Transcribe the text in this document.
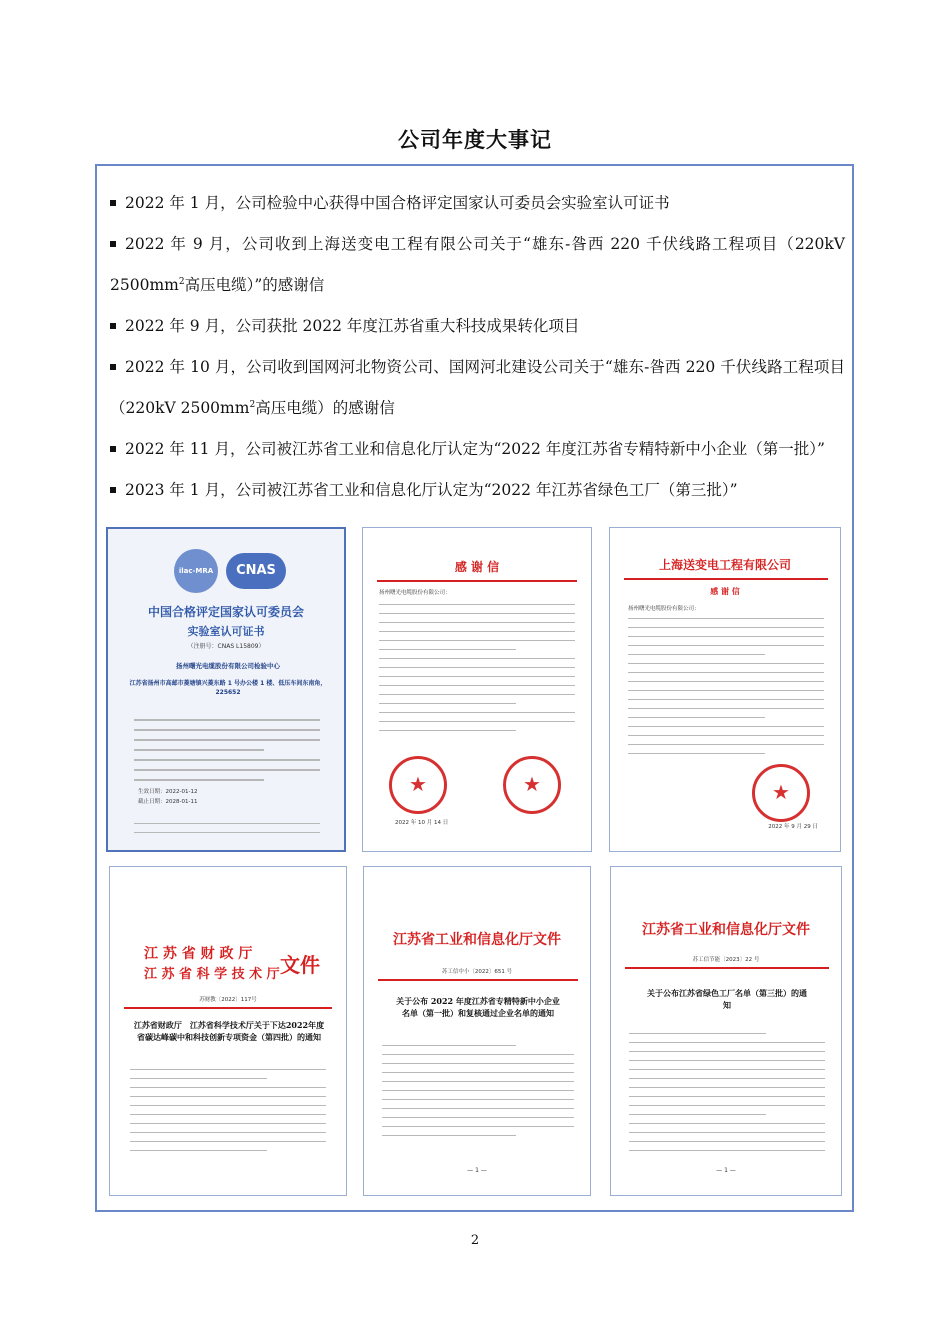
公司年度大事记
2022 年 1 月，公司检验中心获得中国合格评定国家认可委员会实验室认可证书
2022 年 9 月，公司收到上海送变电工程有限公司关于“雄东-昝西 220 千伏线路工程项目（220kV $2500mm^2$高压电缆）”的感谢信
2022 年 9 月，公司获批 2022 年度江苏省重大科技成果转化项目
2022 年 10 月，公司收到国网河北物资公司、国网河北建设公司关于“雄东-昝西 220 千伏线路工程项目（220kV $2500mm^2$高压电缆）的感谢信
2022 年 11 月，公司被江苏省工业和信息化厅认定为“2022 年度江苏省专精特新中小企业（第一批）”
2023 年 1 月，公司被江苏省工业和信息化厅认定为“2022 年江苏省绿色工厂（第三批）”
ilac-MRA	CNAS
中国合格评定国家认可委员会
实验室认可证书
（注册号：CNAS L15809）
扬州曙光电缆股份有限公司检验中心
江苏省扬州市高邮市菱塘镇兴菱东路 1 号办公楼 1 楼、低压车间东南角，225652
生效日期：2022-01-12
截止日期：2028-01-11
感 谢 信
扬州曙光电缆股份有限公司：
★
★
2022 年 10 月 14 日
上海送变电工程有限公司
感 谢 信
扬州曙光电缆股份有限公司：
★
2022 年 9 月 29 日
江 苏 省 财 政 厅
江 苏 省 科 学 技 术 厅 文件
苏财教〔2022〕117号
江苏省财政厅　江苏省科学技术厅关于下达2022年度省碳达峰碳中和科技创新专项资金（第四批）的通知
江苏省工业和信息化厅文件
苏工信中小〔2022〕651 号
关于公布 2022 年度江苏省专精特新中小企业名单（第一批）和复核通过企业名单的通知
— 1 —
江苏省工业和信息化厅文件
苏工信节能〔2023〕22 号
关于公布江苏省绿色工厂名单（第三批）的通知
— 1 —
2
